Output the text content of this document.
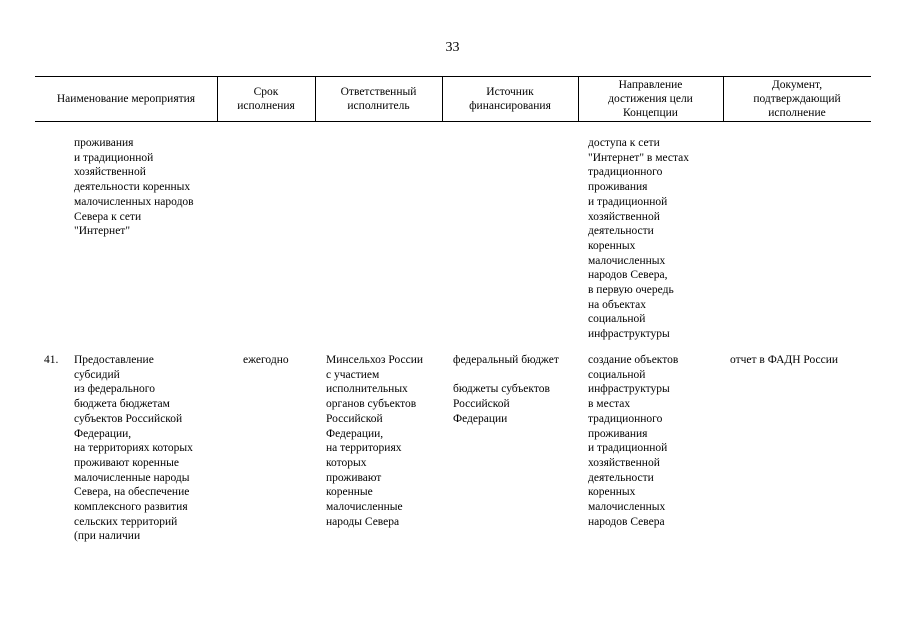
33
Наименование мероприятия
Срок
исполнения
Ответственный
исполнитель
Источник
финансирования
Направление
достижения цели
Концепции
Документ,
подтверждающий
исполнение
проживания
и традиционной
хозяйственной
деятельности коренных
малочисленных народов
Севера к сети
"Интернет"
доступа к сети
"Интернет" в местах
традиционного
проживания
и традиционной
хозяйственной
деятельности
коренных
малочисленных
народов Севера,
в первую очередь
на объектах
социальной
инфраструктуры
41. Предоставление
субсидий
из федерального
бюджета бюджетам
субъектов Российской
Федерации,
на территориях которых
проживают коренные
малочисленные народы
Севера, на обеспечение
комплексного развития
сельских территорий
(при наличии
ежегодно	Минсельхоз России
с участием
исполнительных
органов субъектов
Российской
Федерации,
на территориях
которых
проживают
коренные
малочисленные
народы Севера
федеральный бюджет

бюджеты субъектов
Российской
Федерации
создание объектов
социальной
инфраструктуры
в местах
традиционного
проживания
и традиционной
хозяйственной
деятельности
коренных
малочисленных
народов Севера
отчет в ФАДН России
